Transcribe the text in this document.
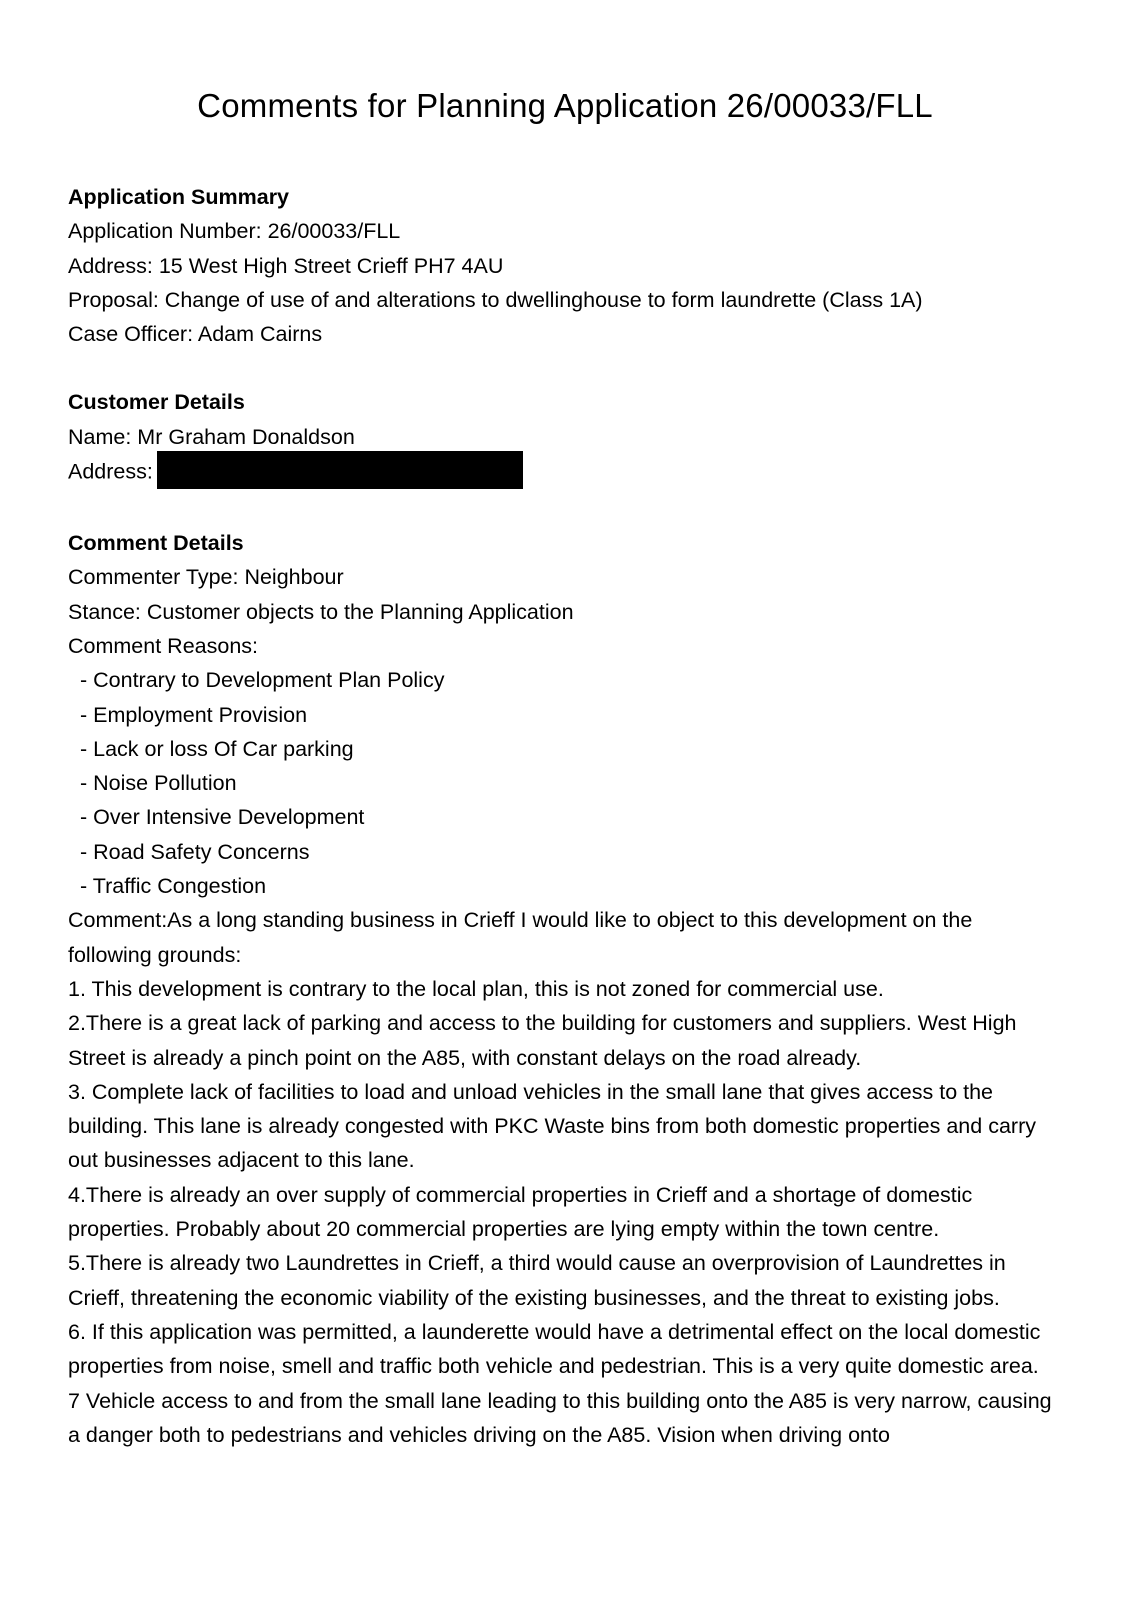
Comments for Planning Application 26/00033/FLL

Application Summary

Application Number: 26/00033/FLL

Address: 15 West High Street Crieff PH7 4AU

Proposal: Change of use of and alterations to dwellinghouse to form laundrette (Class 1A)

Case Officer: Adam Cairns

Customer Details

Name: Mr Graham Donaldson

Address:

Comment Details

Commenter Type: Neighbour

Stance: Customer objects to the Planning Application

Comment Reasons:

- Contrary to Development Plan Policy

- Employment Provision

- Lack or loss Of Car parking

- Noise Pollution

- Over Intensive Development

- Road Safety Concerns

- Traffic Congestion

Comment:As a long standing business in Crieff I would like to object to this development on the following grounds:

1. This development is contrary to the local plan, this is not zoned for commercial use.

2.There is a great lack of parking and access to the building for customers and suppliers. West High Street is already a pinch point on the A85, with constant delays on the road already.

3. Complete lack of facilities to load and unload vehicles in the small lane that gives access to the building. This lane is already congested with PKC Waste bins from both domestic properties and carry out businesses adjacent to this lane.

4.There is already an over supply of commercial properties in Crieff and a shortage of domestic properties. Probably about 20 commercial properties are lying empty within the town centre.

5.There is already two Laundrettes in Crieff, a third would cause an overprovision of Laundrettes in Crieff, threatening the economic viability of the existing businesses, and the threat to existing jobs.

6. If this application was permitted, a launderette would have a detrimental effect on the local domestic properties from noise, smell and traffic both vehicle and pedestrian. This is a very quite domestic area.

7 Vehicle access to and from the small lane leading to this building onto the A85 is very narrow, causing a danger both to pedestrians and vehicles driving on the A85. Vision when driving onto
